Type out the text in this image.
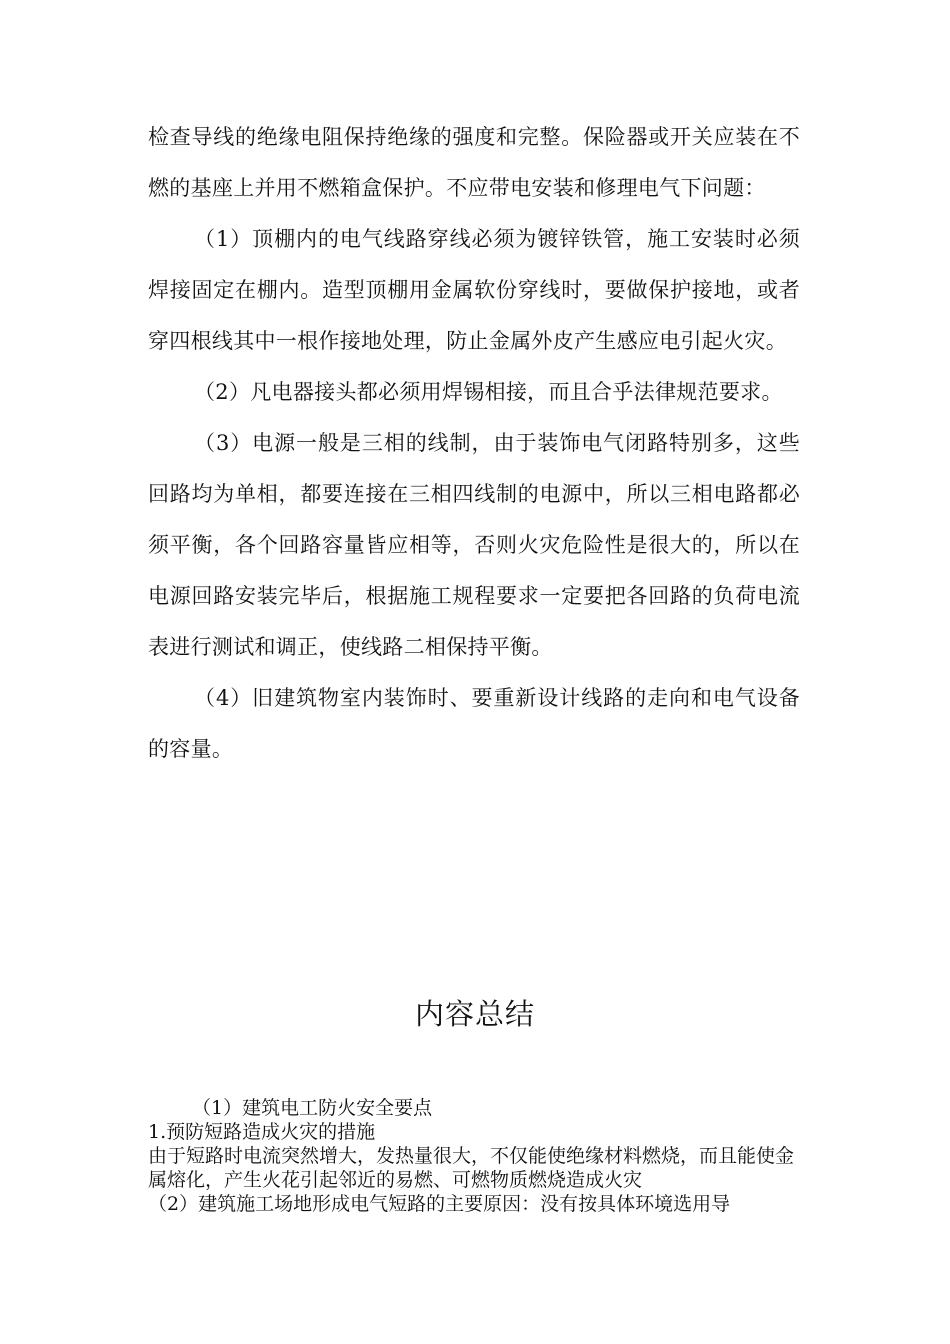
检查导线的绝缘电阻保持绝缘的强度和完整。保险器或开关应装在不燃的基座上并用不燃箱盒保护。不应带电安装和修理电气下问题：

（1）顶棚内的电气线路穿线必须为镀锌铁管，施工安装时必须焊接固定在棚内。造型顶棚用金属软份穿线时，要做保护接地，或者穿四根线其中一根作接地处理，防止金属外皮产生感应电引起火灾。

（2）凡电器接头都必须用焊锡相接，而且合乎法律规范要求。

（3）电源一般是三相的线制，由于装饰电气闭路特别多，这些回路均为单相，都要连接在三相四线制的电源中，所以三相电路都必须平衡，各个回路容量皆应相等，否则火灾危险性是很大的，所以在电源回路安装完毕后，根据施工规程要求一定要把各回路的负荷电流表进行测试和调正，使线路二相保持平衡。

（4）旧建筑物室内装饰时、要重新设计线路的走向和电气设备的容量。

内容总结

（1）建筑电工防火安全要点

1.预防短路造成火灾的措施

由于短路时电流突然增大，发热量很大，不仅能使绝缘材料燃烧，而且能使金属熔化，产生火花引起邻近的易燃、可燃物质燃烧造成火灾

（2）建筑施工场地形成电气短路的主要原因：没有按具体环境选用导
